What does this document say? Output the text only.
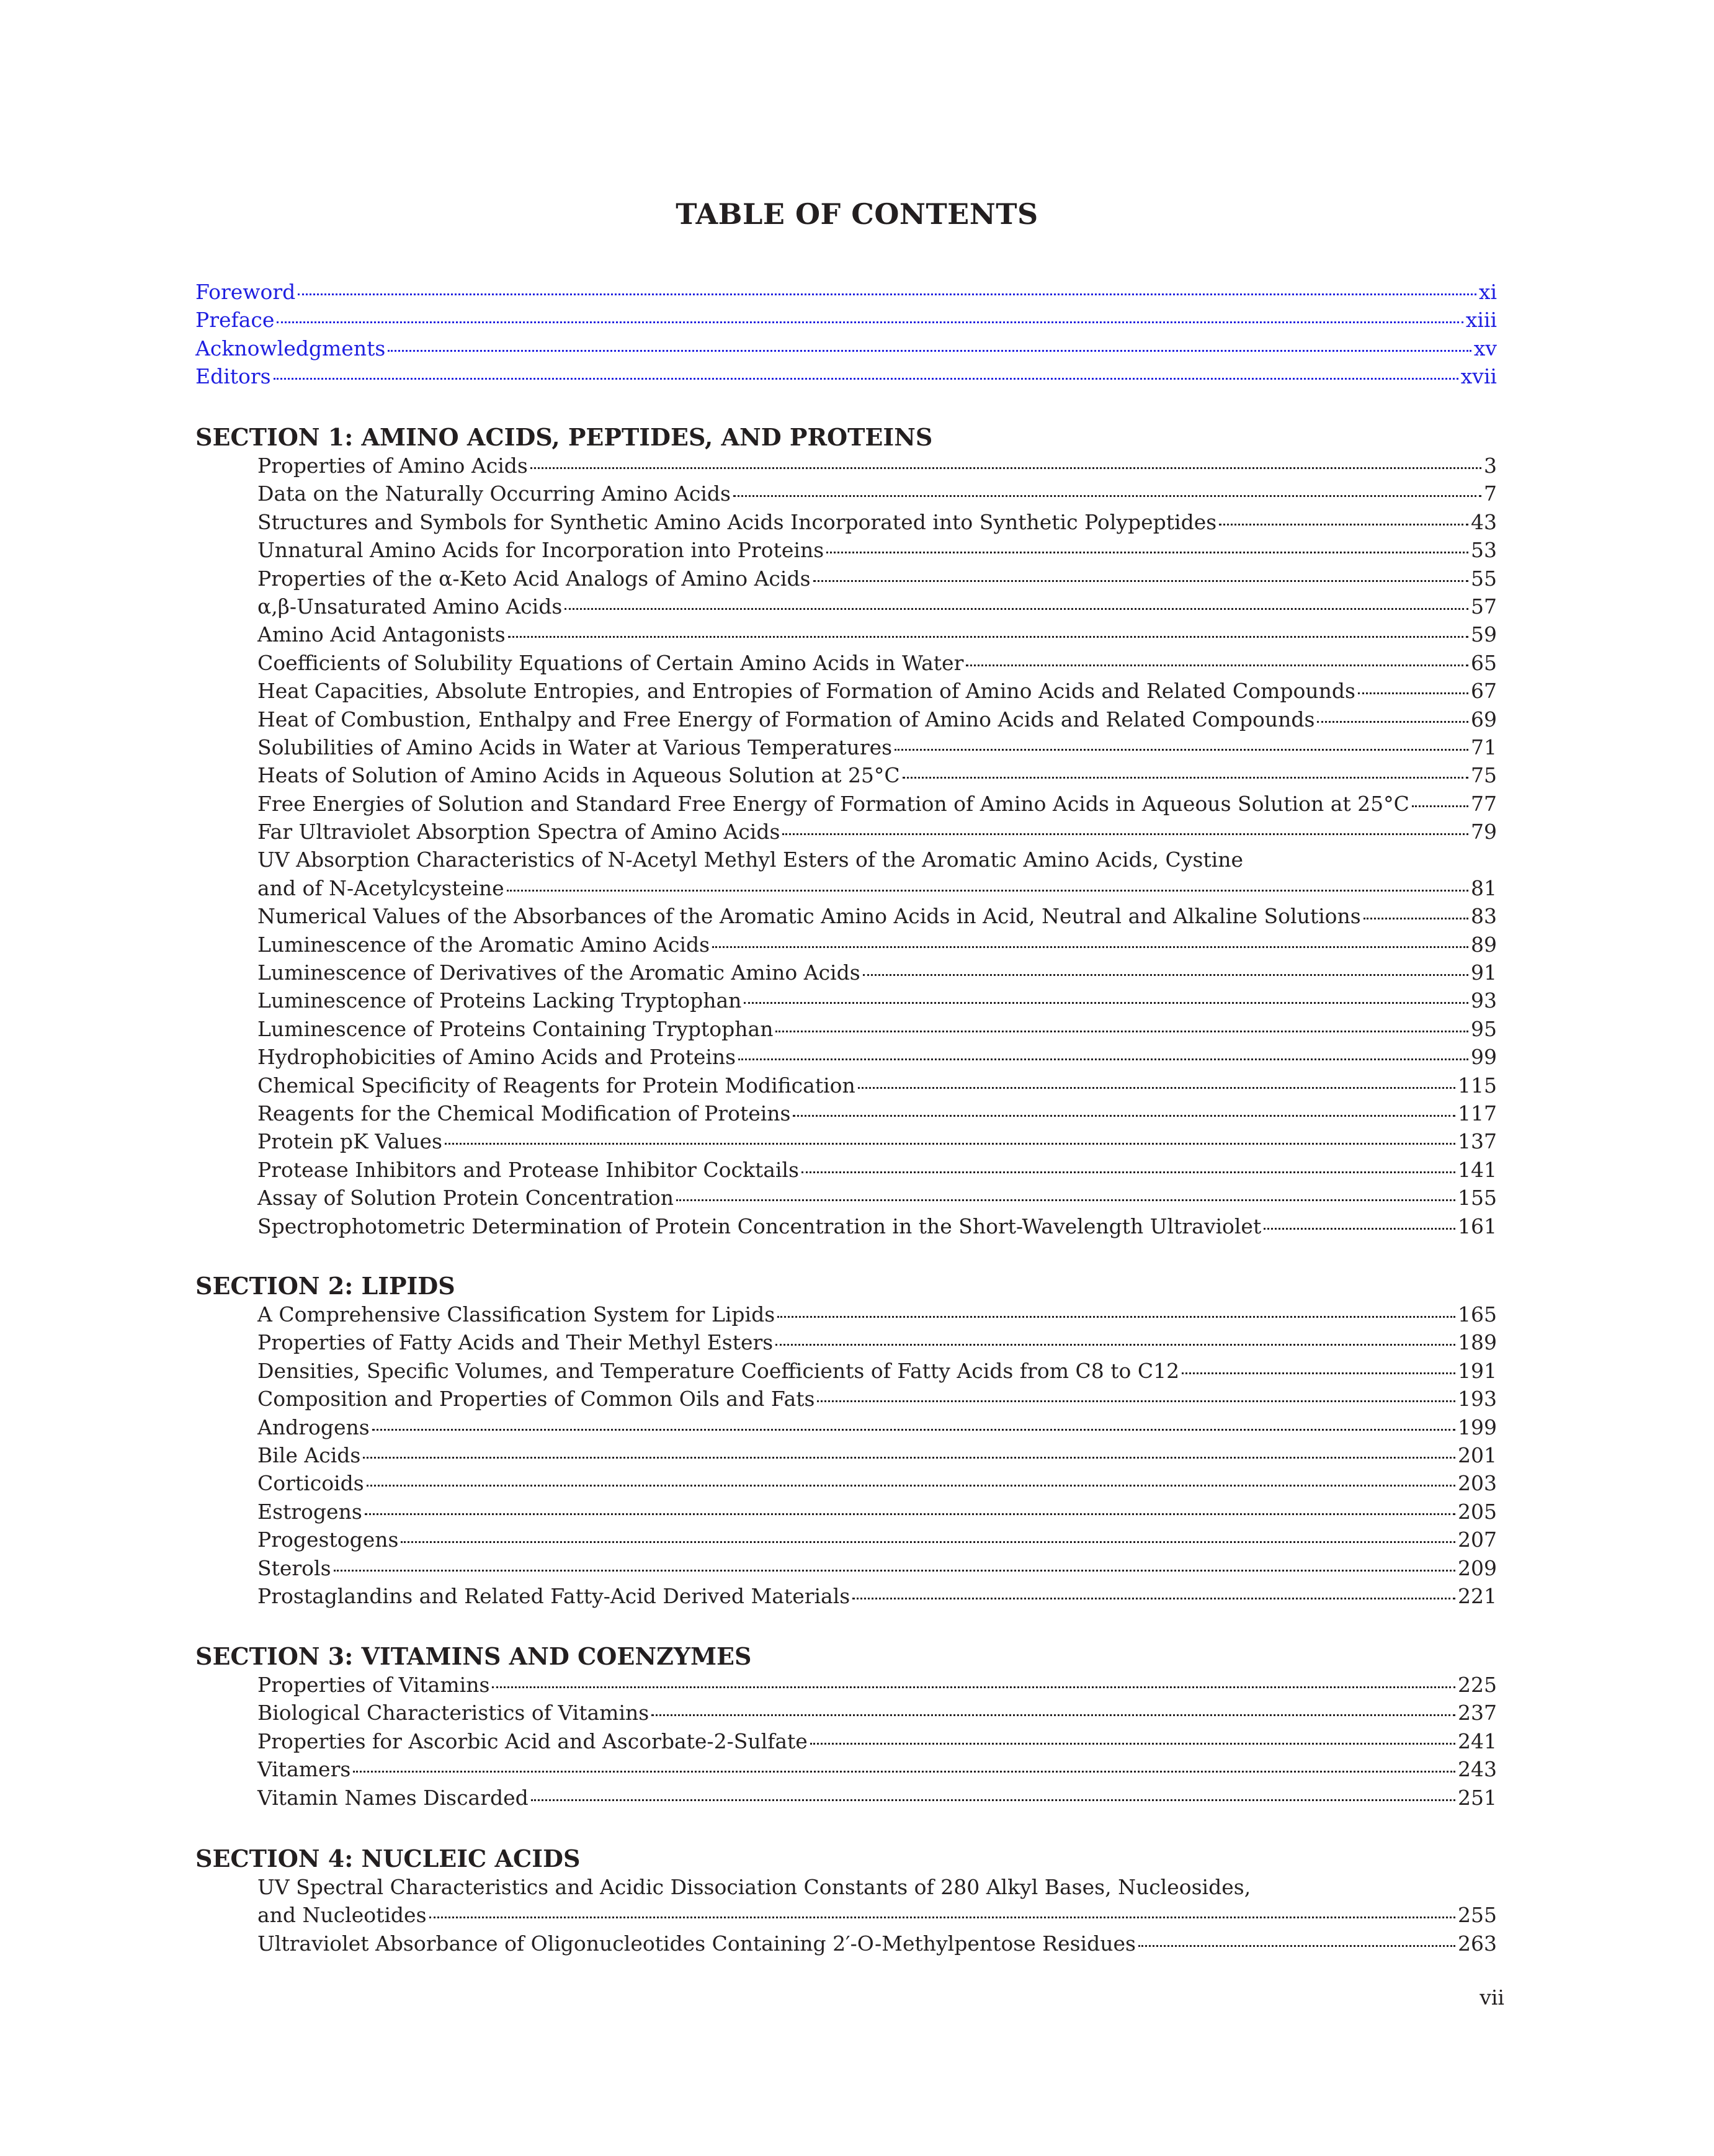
TABLE OF CONTENTS
Foreword	xi
Preface	xiii
Acknowledgments	xv
Editors	xvii
SECTION 1: AMINO ACIDS, PEPTIDES, AND PROTEINS
Properties of Amino Acids	3
Data on the Naturally Occurring Amino Acids	7
Structures and Symbols for Synthetic Amino Acids Incorporated into Synthetic Polypeptides	43
Unnatural Amino Acids for Incorporation into Proteins	53
Properties of the α-Keto Acid Analogs of Amino Acids	55
α,β-Unsaturated Amino Acids	57
Amino Acid Antagonists	59
Coefficients of Solubility Equations of Certain Amino Acids in Water	65
Heat Capacities, Absolute Entropies, and Entropies of Formation of Amino Acids and Related Compounds	67
Heat of Combustion, Enthalpy and Free Energy of Formation of Amino Acids and Related Compounds	69
Solubilities of Amino Acids in Water at Various Temperatures	71
Heats of Solution of Amino Acids in Aqueous Solution at 25°C	75
Free Energies of Solution and Standard Free Energy of Formation of Amino Acids in Aqueous Solution at 25°C	77
Far Ultraviolet Absorption Spectra of Amino Acids	79
UV Absorption Characteristics of N-Acetyl Methyl Esters of the Aromatic Amino Acids, Cystine
and of N-Acetylcysteine	81
Numerical Values of the Absorbances of the Aromatic Amino Acids in Acid, Neutral and Alkaline Solutions	83
Luminescence of the Aromatic Amino Acids	89
Luminescence of Derivatives of the Aromatic Amino Acids	91
Luminescence of Proteins Lacking Tryptophan	93
Luminescence of Proteins Containing Tryptophan	95
Hydrophobicities of Amino Acids and Proteins	99
Chemical Specificity of Reagents for Protein Modification	115
Reagents for the Chemical Modification of Proteins	117
Protein pK Values	137
Protease Inhibitors and Protease Inhibitor Cocktails	141
Assay of Solution Protein Concentration	155
Spectrophotometric Determination of Protein Concentration in the Short-Wavelength Ultraviolet	161
SECTION 2: LIPIDS
A Comprehensive Classification System for Lipids	165
Properties of Fatty Acids and Their Methyl Esters	189
Densities, Specific Volumes, and Temperature Coefficients of Fatty Acids from C8 to C12	191
Composition and Properties of Common Oils and Fats	193
Androgens	199
Bile Acids	201
Corticoids	203
Estrogens	205
Progestogens	207
Sterols	209
Prostaglandins and Related Fatty-Acid Derived Materials	221
SECTION 3: VITAMINS AND COENZYMES
Properties of Vitamins	225
Biological Characteristics of Vitamins	237
Properties for Ascorbic Acid and Ascorbate-2-Sulfate	241
Vitamers	243
Vitamin Names Discarded	251
SECTION 4: NUCLEIC ACIDS
UV Spectral Characteristics and Acidic Dissociation Constants of 280 Alkyl Bases, Nucleosides,
and Nucleotides	255
Ultraviolet Absorbance of Oligonucleotides Containing 2′-O-Methylpentose Residues	263
vii
